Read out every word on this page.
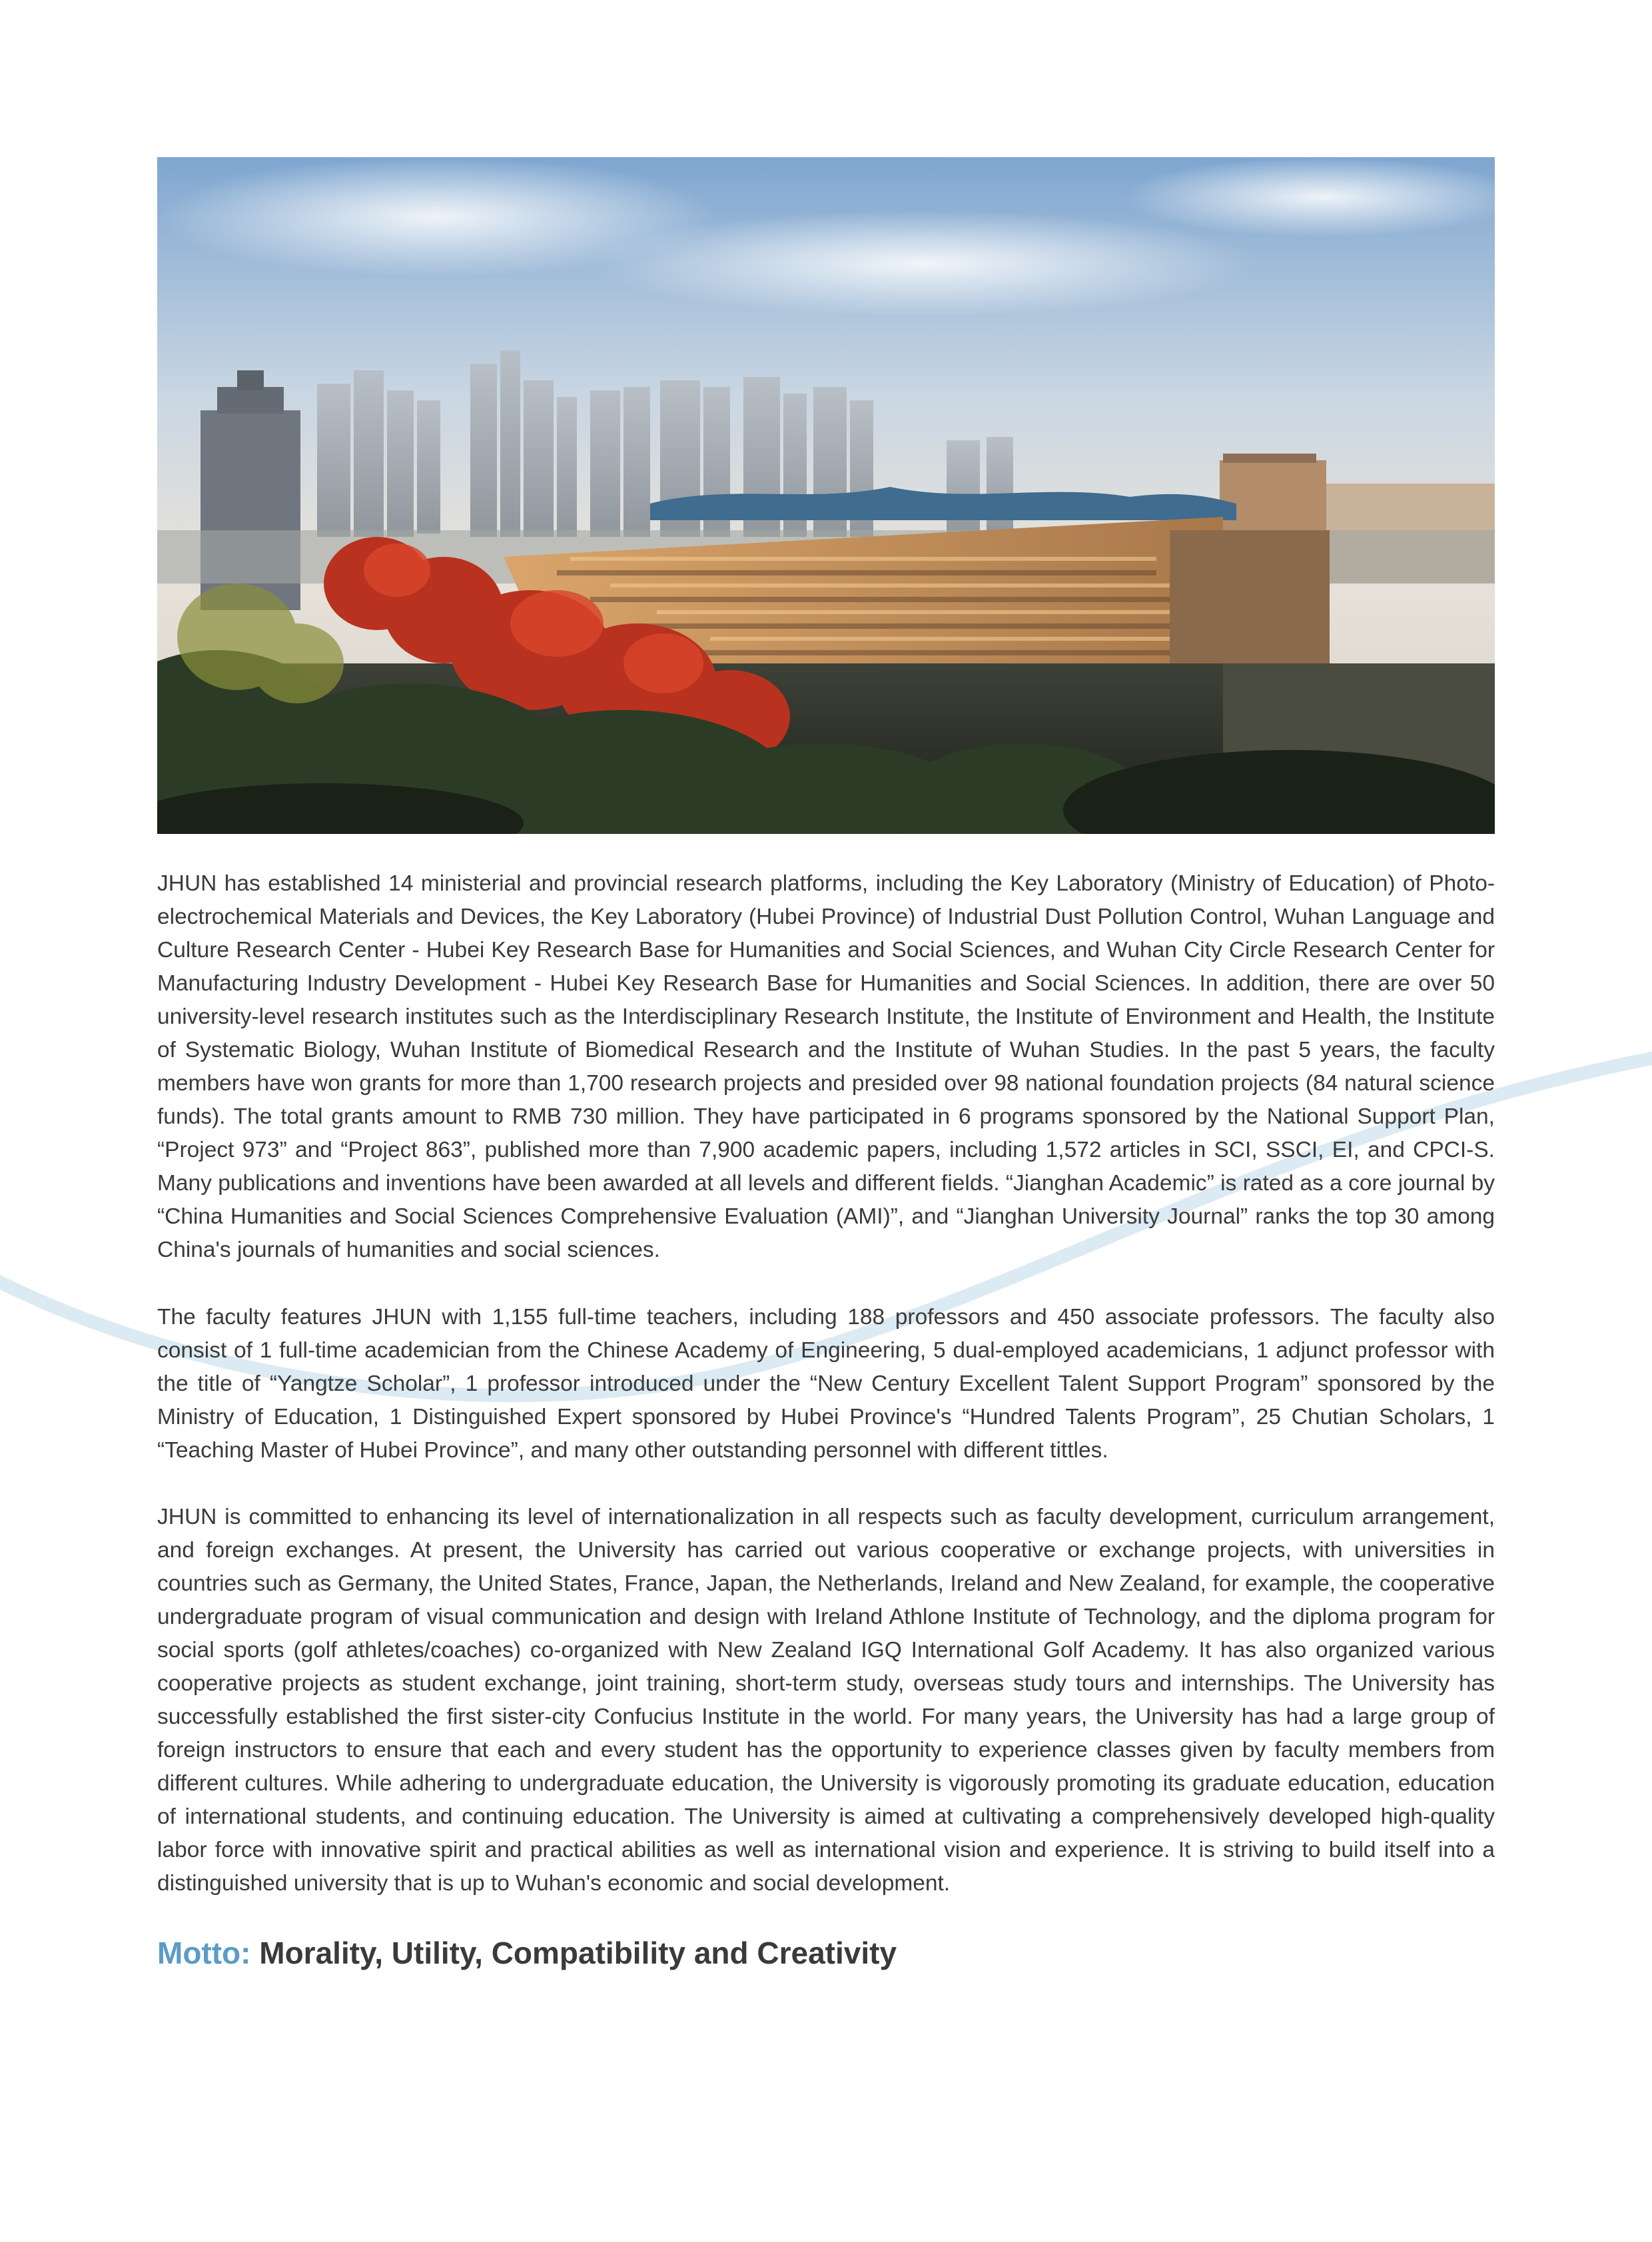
JHUN has established 14 ministerial and provincial research platforms, including the Key Laboratory (Ministry of Education) of Photo-electrochemical Materials and Devices, the Key Laboratory (Hubei Province) of Industrial Dust Pollution Control, Wuhan Language and Culture Research Center - Hubei Key Research Base for Humanities and Social Sciences, and Wuhan City Circle Research Center for Manufacturing Industry Development - Hubei Key Research Base for Humanities and Social Sciences. In addition, there are over 50 university-level research institutes such as the Interdisciplinary Research Institute, the Institute of Environment and Health, the Institute of Systematic Biology, Wuhan Institute of Biomedical Research and the Institute of Wuhan Studies. In the past 5 years, the faculty members have won grants for more than 1,700 research projects and presided over 98 national foundation projects (84 natural science funds). The total grants amount to RMB 730 million. They have participated in 6 programs sponsored by the National Support Plan, “Project 973” and “Project 863”, published more than 7,900 academic papers, including 1,572 articles in SCI, SSCI, EI, and CPCI-S. Many publications and inventions have been awarded at all levels and different fields. “Jianghan Academic” is rated as a core journal by “China Humanities and Social Sciences Comprehensive Evaluation (AMI)”, and “Jianghan University Journal” ranks the top 30 among China's journals of humanities and social sciences.

The faculty features JHUN with 1,155 full-time teachers, including 188 professors and 450 associate professors. The faculty also consist of 1 full-time academician from the Chinese Academy of Engineering, 5 dual-employed academicians, 1 adjunct professor with the title of “Yangtze Scholar”, 1 professor introduced under the “New Century Excellent Talent Support Program” sponsored by the Ministry of Education, 1 Distinguished Expert sponsored by Hubei Province's “Hundred Talents Program”, 25 Chutian Scholars, 1 “Teaching Master of Hubei Province”, and many other outstanding personnel with different tittles.

JHUN is committed to enhancing its level of internationalization in all respects such as faculty development, curriculum arrangement, and foreign exchanges. At present, the University has carried out various cooperative or exchange projects, with universities in countries such as Germany, the United States, France, Japan, the Netherlands, Ireland and New Zealand, for example, the cooperative undergraduate program of visual communication and design with Ireland Athlone Institute of Technology, and the diploma program for social sports (golf athletes/coaches) co-organized with New Zealand IGQ International Golf Academy. It has also organized various cooperative projects as student exchange, joint training, short-term study, overseas study tours and internships. The University has successfully established the first sister-city Confucius Institute in the world. For many years, the University has had a large group of foreign instructors to ensure that each and every student has the opportunity to experience classes given by faculty members from different cultures. While adhering to undergraduate education, the University is vigorously promoting its graduate education, education of international students, and continuing education. The University is aimed at cultivating a comprehensively developed high-quality labor force with innovative spirit and practical abilities as well as international vision and experience. It is striving to build itself into a distinguished university that is up to Wuhan's economic and social development.

Motto: Morality, Utility, Compatibility and Creativity
